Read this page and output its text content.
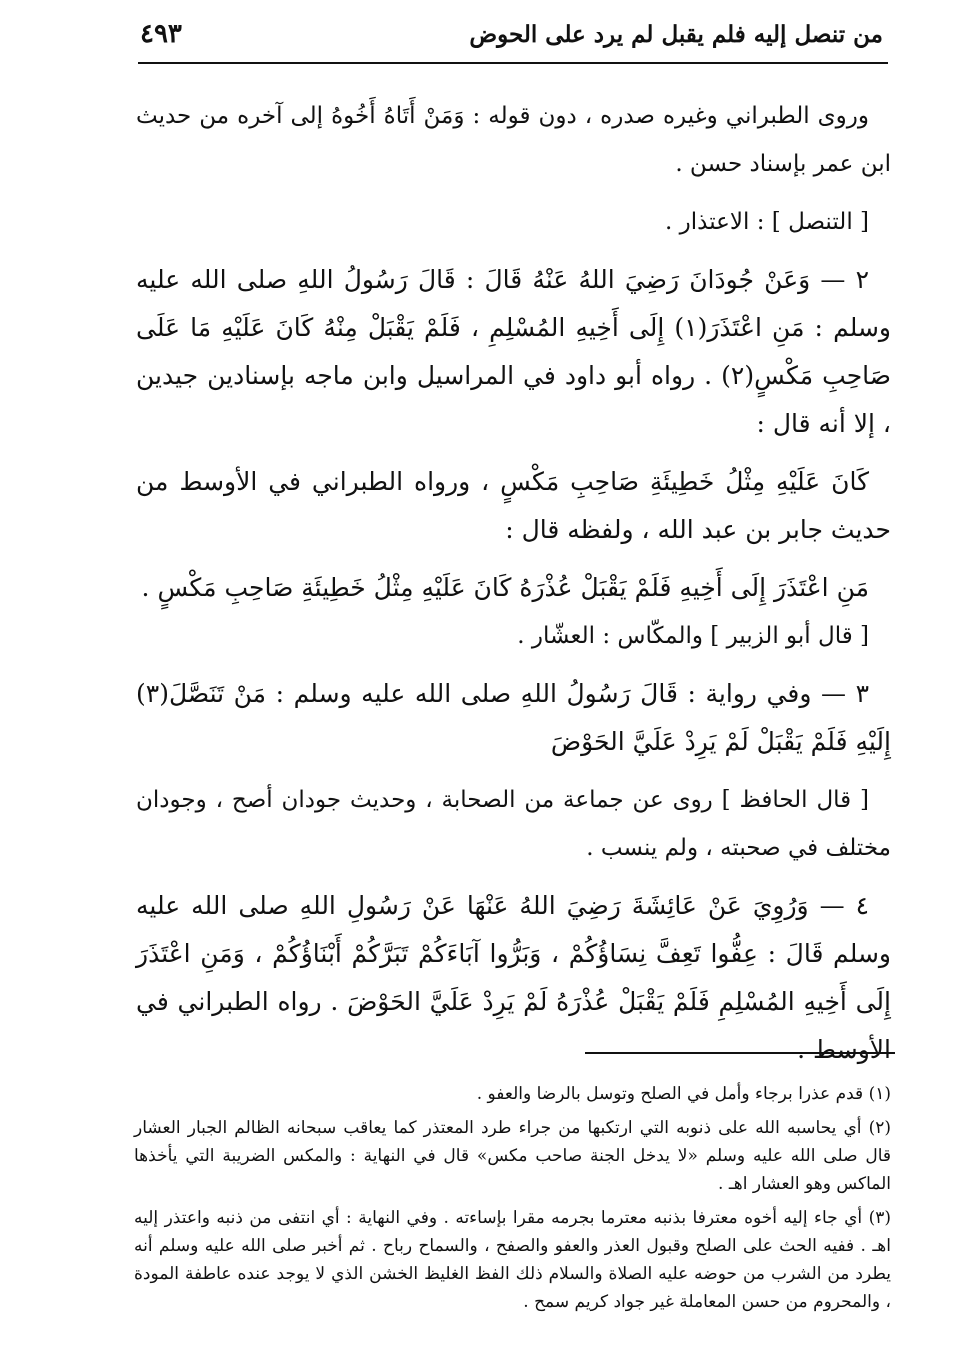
من تنصل إليه فلم يقبل لم يرد على الحوض
٤٩٣

وروى الطبراني وغيره صدره ، دون قوله : وَمَنْ أَتَاهُ أَخُوهُ إلى آخره من حديث ابن عمر بإسناد حسن .

[ التنصل ] : الاعتذار .

٢ — وَعَنْ جُودَانَ رَضِيَ اللهُ عَنْهُ قَالَ : قَالَ رَسُولُ اللهِ صلى الله عليه وسلم : مَنِ اعْتَذَرَ(١) إِلَى أَخِيهِ المُسْلِمِ ، فَلَمْ يَقْبَلْ مِنْهُ كَانَ عَلَيْهِ مَا عَلَى صَاحِبِ مَكْسٍ(٢) . رواه أبو داود في المراسيل وابن ماجه بإسنادين جيدين ، إلا أنه قال :

كَانَ عَلَيْهِ مِثْلُ خَطِيئَةِ صَاحِبِ مَكْسٍ ، ورواه الطبراني في الأوسط من حديث جابر بن عبد الله ، ولفظه قال :

مَنِ اعْتَذَرَ إِلَى أَخِيهِ فَلَمْ يَقْبَلْ عُذْرَهُ كَانَ عَلَيْهِ مِثْلُ خَطِيئَةِ صَاحِبِ مَكْسٍ .

[ قال أبو الزبير ] والمكّاس : العشّار .

٣ — وفي رواية : قَالَ رَسُولُ اللهِ صلى الله عليه وسلم : مَنْ تَنَصَّلَ(٣) إِلَيْهِ فَلَمْ يَقْبَلْ لَمْ يَرِدْ عَلَيَّ الحَوْضَ

[ قال الحافظ ] روى عن جماعة من الصحابة ، وحديث جودان أصح ، وجودان مختلف في صحبته ، ولم ينسب .

٤ — وَرُوِيَ عَنْ عَائِشَةَ رَضِيَ اللهُ عَنْهَا عَنْ رَسُولِ اللهِ صلى الله عليه وسلم قَالَ : عِفُّوا تَعِفَّ نِسَاؤُكُمْ ، وَبَرُّوا آبَاءَكُمْ تَبَرَّكُمْ أَبْنَاؤُكُمْ ، وَمَنِ اعْتَذَرَ إِلَى أَخِيهِ المُسْلِمِ فَلَمْ يَقْبَلْ عُذْرَهُ لَمْ يَرِدْ عَلَيَّ الحَوْضَ . رواه الطبراني في الأوسط .

(١) قدم عذرا برجاء وأمل في الصلح وتوسل بالرضا والعفو .

(٢) أي يحاسبه الله على ذنوبه التي ارتكبها من جراء طرد المعتذر كما يعاقب سبحانه الظالم الجبار العشار قال صلى الله عليه وسلم «لا يدخل الجنة صاحب مكس» قال في النهاية : والمكس الضريبة التي يأخذها الماكس وهو العشار اهـ .

(٣) أي جاء إليه أخوه معترفا بذنبه معترما بجرمه مقرا بإساءته . وفي النهاية : أي انتفى من ذنبه واعتذر إليه اهـ . ففيه الحث على الصلح وقبول العذر والعفو والصفح ، والسماح رباح . ثم أخبر صلى الله عليه وسلم أنه يطرد من الشرب من حوضه عليه الصلاة والسلام ذلك الفظ الغليظ الخشن الذي لا يوجد عنده عاطفة المودة ، والمحروم من حسن المعاملة غير جواد كريم سمح .
